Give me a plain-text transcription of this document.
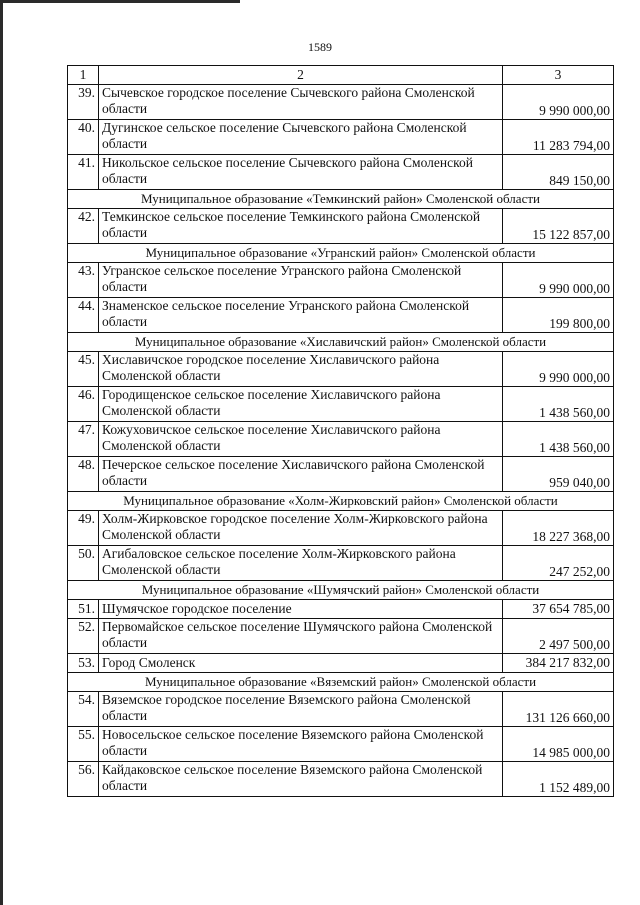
1589
1	2	3
39.	Сычевское городское поселение Сычевского района Смоленской области	9 990 000,00
40.	Дугинское сельское поселение Сычевского района Смоленской области	11 283 794,00
41.	Никольское сельское поселение Сычевского района Смоленской области	849 150,00
Муниципальное образование «Темкинский район» Смоленской области		
42.	Темкинское сельское поселение Темкинского района Смоленской области	15 122 857,00
Муниципальное образование «Угранский район» Смоленской области		
43.	Угранское сельское поселение Угранского района Смоленской области	9 990 000,00
44.	Знаменское сельское поселение Угранского района Смоленской области	199 800,00
Муниципальное образование «Хиславичский район» Смоленской области		
45.	Хиславичское городское поселение Хиславичского района Смоленской области	9 990 000,00
46.	Городищенское сельское поселение Хиславичского района Смоленской области	1 438 560,00
47.	Кожуховичское сельское поселение Хиславичского района Смоленской области	1 438 560,00
48.	Печерское сельское поселение Хиславичского района Смоленской области	959 040,00
Муниципальное образование «Холм-Жирковский район» Смоленской области		
49.	Холм-Жирковское городское поселение Холм-Жирковского района Смоленской области	18 227 368,00
50.	Агибаловское сельское поселение Холм-Жирковского района Смоленской области	247 252,00
Муниципальное образование «Шумячский район» Смоленской области		
51.	Шумячское городское поселение	37 654 785,00
52.	Первомайское сельское поселение Шумячского района Смоленской области	2 497 500,00
53.	Город Смоленск	384 217 832,00
Муниципальное образование «Вяземский район» Смоленской области		
54.	Вяземское городское поселение Вяземского района Смоленской области	131 126 660,00
55.	Новосельское сельское поселение Вяземского района Смоленской области	14 985 000,00
56.	Кайдаковское сельское поселение Вяземского района Смоленской области	1 152 489,00
